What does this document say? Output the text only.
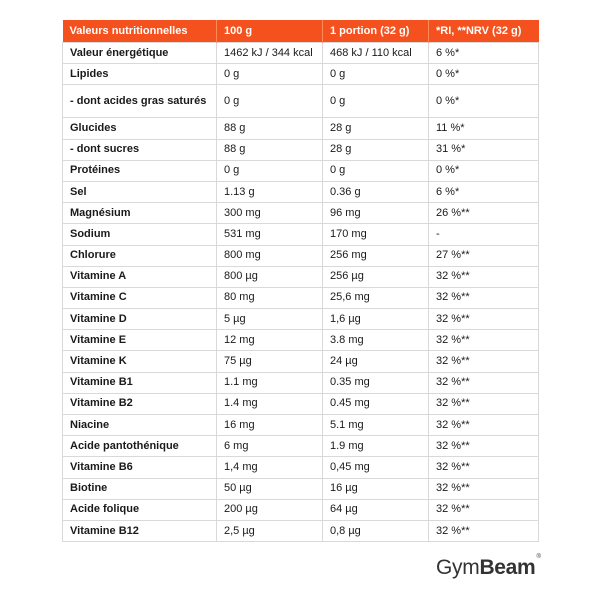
Valeurs nutritionnelles	100 g	1 portion (32 g)	*RI, **NRV (32 g)
Valeur énergétique	1462 kJ / 344 kcal	468 kJ / 110 kcal	6 %*
Lipides	0 g	0 g	0 %*
- dont acides gras saturés	0 g	0 g	0 %*
Glucides	88 g	28 g	11 %*
- dont sucres	88 g	28 g	31 %*
Protéines	0 g	0 g	0 %*
Sel	1.13 g	0.36 g	6 %*
Magnésium	300 mg	96 mg	26 %**
Sodium	531 mg	170 mg	-
Chlorure	800 mg	256 mg	27 %**
Vitamine A	800 µg	256 µg	32 %**
Vitamine C	80 mg	25,6 mg	32 %**
Vitamine D	5 µg	1,6 µg	32 %**
Vitamine E	12 mg	3.8 mg	32 %**
Vitamine K	75 µg	24 µg	32 %**
Vitamine B1	1.1 mg	0.35 mg	32 %**
Vitamine B2	1.4 mg	0.45 mg	32 %**
Niacine	16 mg	5.1 mg	32 %**
Acide pantothénique	6 mg	1.9 mg	32 %**
Vitamine B6	1,4 mg	0,45 mg	32 %**
Biotine	50 µg	16 µg	32 %**
Acide folique	200 µg	64 µg	32 %**
Vitamine B12	2,5 µg	0,8 µg	32 %**
GymBeam®
